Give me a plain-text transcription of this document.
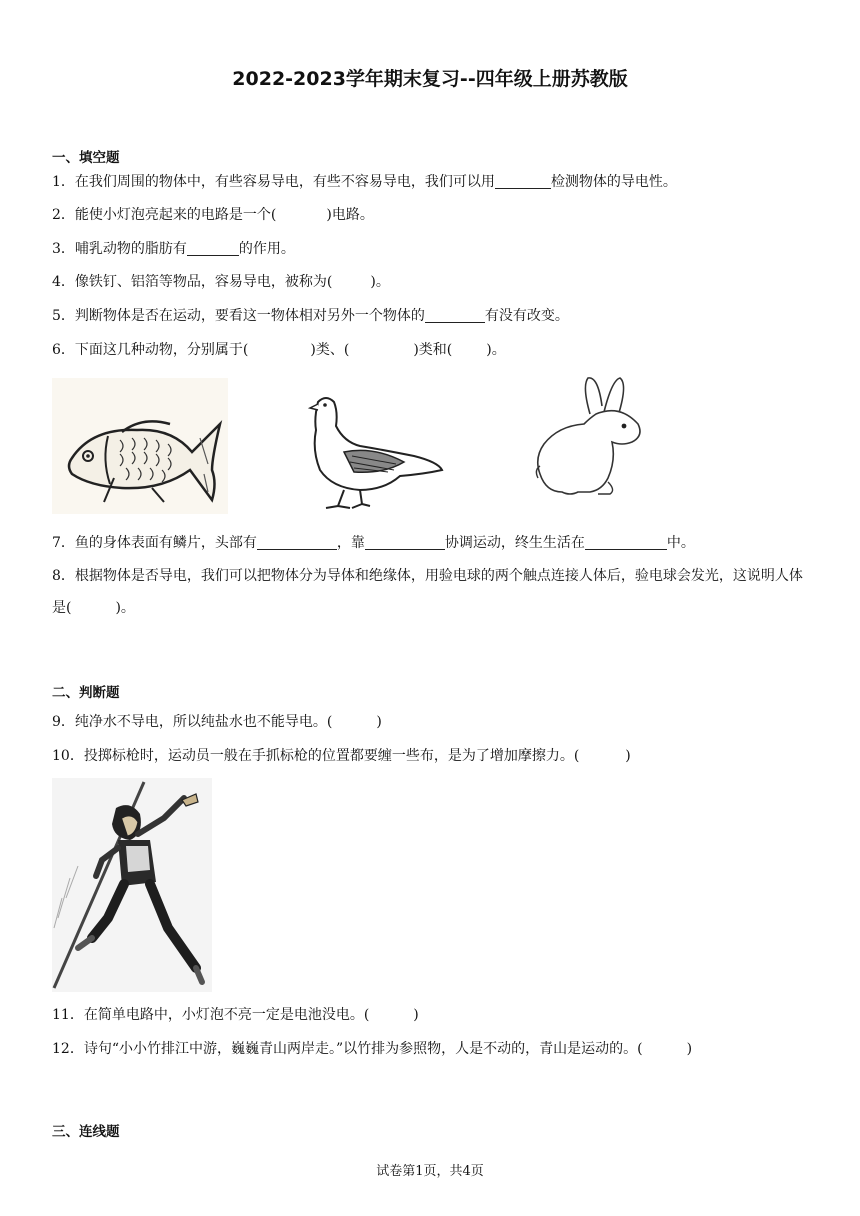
2022-2023学年期末复习--四年级上册苏教版
一、填空题
1．在我们周围的物体中，有些容易导电，有些不容易导电，我们可以用	检测物体的导电性。
2．能使小灯泡亮起来的电路是一个(	)电路。
3．哺乳动物的脂肪有	的作用。
4．像铁钉、铝箔等物品，容易导电，被称为(	)。
5．判断物体是否在运动，要看这一物体相对另外一个物体的	有没有改变。
6．下面这几种动物，分别属于(	)类、(	)类和( )。
7．鱼的身体表面有鳞片，头部有	，靠	协调运动，终生生活在	中。
8．根据物体是否导电，我们可以把物体分为导体和绝缘体，用验电球的两个触点连接人体后，验电球会发光，这说明人体是(	)。
二、判断题
9．纯净水不导电，所以纯盐水也不能导电。(	)
10．投掷标枪时，运动员一般在手抓标枪的位置都要缠一些布，是为了增加摩擦力。(	)
11．在简单电路中，小灯泡不亮一定是电池没电。(	)
12．诗句“小小竹排江中游，巍巍青山两岸走。”以竹排为参照物，人是不动的，青山是运动的。(	)
三、连线题
试卷第1页，共4页
